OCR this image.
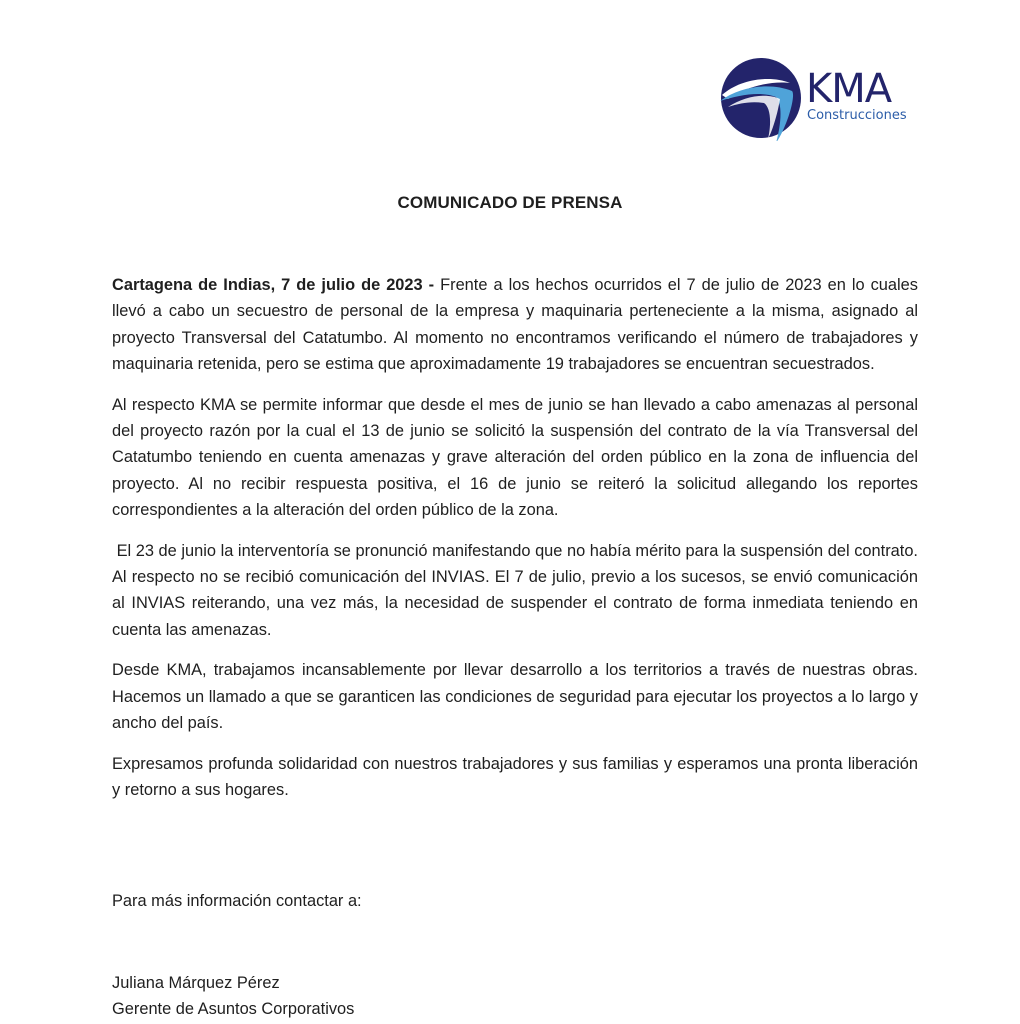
KMA
Construcciones
COMUNICADO DE PRENSA

Cartagena de Indias, 7 de julio de 2023 - Frente a los hechos ocurridos el 7 de julio de 2023 en lo cuales llevó a cabo un secuestro de personal de la empresa y maquinaria perteneciente a la misma, asignado al proyecto Transversal del Catatumbo. Al momento no encontramos verificando el número de trabajadores y maquinaria retenida, pero se estima que aproximadamente 19 trabajadores se encuentran secuestrados.

Al respecto KMA se permite informar que desde el mes de junio se han llevado a cabo amenazas al personal del proyecto razón por la cual el 13 de junio se solicitó la suspensión del contrato de la vía Transversal del Catatumbo teniendo en cuenta amenazas y grave alteración del orden público en la zona de influencia del proyecto. Al no recibir respuesta positiva, el 16 de junio se reiteró la solicitud allegando los reportes correspondientes a la alteración del orden público de la zona.

El 23 de junio la interventoría se pronunció manifestando que no había mérito para la suspensión del contrato. Al respecto no se recibió comunicación del INVIAS. El 7 de julio, previo a los sucesos, se envió comunicación al INVIAS reiterando, una vez más, la necesidad de suspender el contrato de forma inmediata teniendo en cuenta las amenazas.

Desde KMA, trabajamos incansablemente por llevar desarrollo a los territorios a través de nuestras obras. Hacemos un llamado a que se garanticen las condiciones de seguridad para ejecutar los proyectos a lo largo y ancho del país.

Expresamos profunda solidaridad con nuestros trabajadores y sus familias y esperamos una pronta liberación y retorno a sus hogares.

Para más información contactar a:
Juliana Márquez Pérez
Gerente de Asuntos Corporativos
